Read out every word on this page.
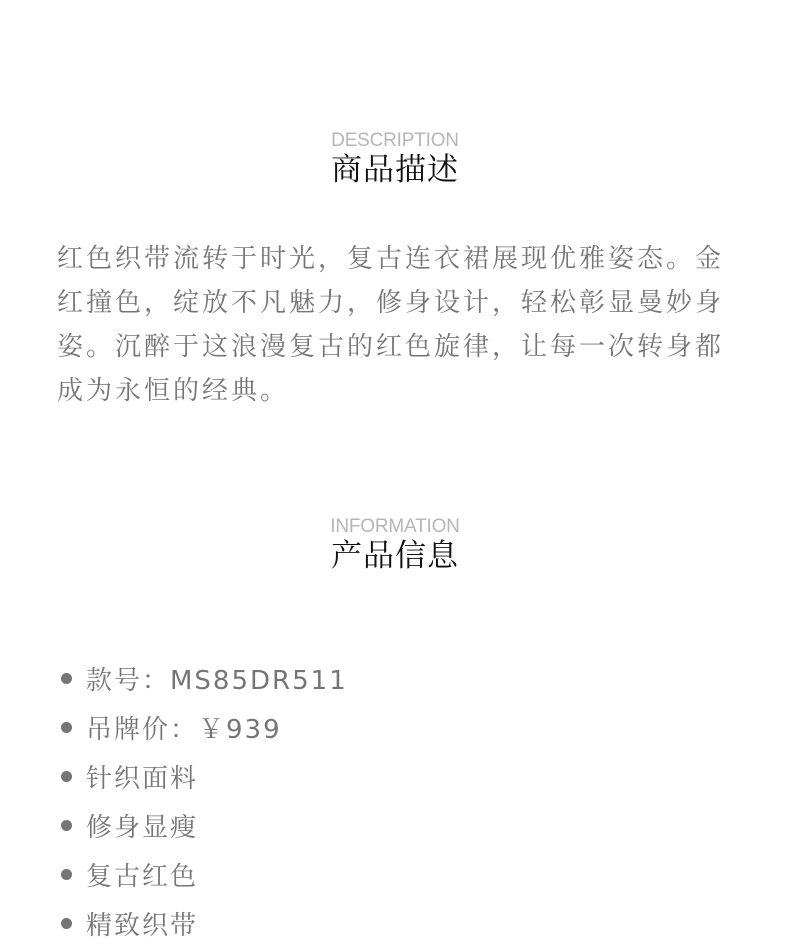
DESCRIPTION
商品描述

红色织带流转于时光，复古连衣裙展现优雅姿态。金红撞色，绽放不凡魅力，修身设计，轻松彰显曼妙身姿。沉醉于这浪漫复古的红色旋律，让每一次转身都成为永恒的经典。

INFORMATION
产品信息
款号：MS85DR511
吊牌价：￥939
针织面料
修身显瘦
复古红色
精致织带
